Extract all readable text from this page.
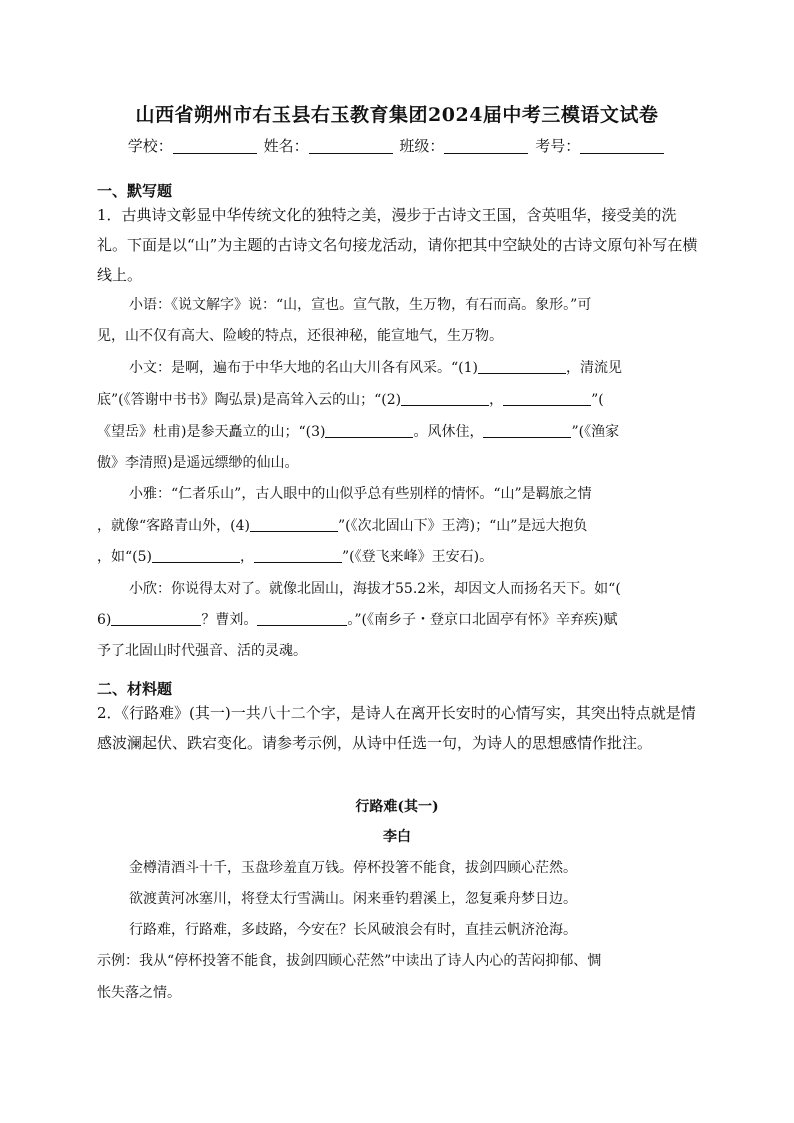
山西省朔州市右玉县右玉教育集团2024届中考三模语文试卷
学校：	姓名：	班级：	考号：
一、默写题

1．古典诗文彰显中华传统文化的独特之美，漫步于古诗文王国，含英咀华，接受美的洗礼。下面是以“山”为主题的古诗文名句接龙活动，请你把其中空缺处的古诗文原句补写在横线上。

小语：《说文解字》说：“山，宣也。宣气散，生万物，有石而高。象形。”可
见，山不仅有高大、险峻的特点，还很神秘，能宣地气，生万物。
小文：是啊，遍布于中华大地的名山大川各有风采。“(1)	，清流见
底”(《答谢中书书》陶弘景)是高耸入云的山；“(2)	，	”(
《望岳》杜甫)是参天矗立的山；“(3)	。风休住，	”(《渔家
傲》李清照)是遥远缥缈的仙山。
小雅：“仁者乐山”，古人眼中的山似乎总有些别样的情怀。“山”是羁旅之情
，就像“客路青山外，(4)	”(《次北固山下》王湾)；“山”是远大抱负
，如“(5)	，	”(《登飞来峰》王安石)。
小欣：你说得太对了。就像北固山，海拔才55.2米，却因文人而扬名天下。如“(
6)	？曹刘。	。”(《南乡子・登京口北固亭有怀》辛弃疾)赋
予了北固山时代强音、活的灵魂。
二、材料题

2．《行路难》(其一)一共八十二个字，是诗人在离开长安时的心情写实，其突出特点就是情感波澜起伏、跌宕变化。请参考示例，从诗中任选一句，为诗人的思想感情作批注。

行路难(其一)
李白
金樽清酒斗十千，玉盘珍羞直万钱。停杯投箸不能食，拔剑四顾心茫然。
欲渡黄河冰塞川，将登太行雪满山。闲来垂钓碧溪上，忽复乘舟梦日边。
行路难，行路难，多歧路，今安在？长风破浪会有时，直挂云帆济沧海。
示例：我从“停杯投箸不能食，拔剑四顾心茫然”中读出了诗人内心的苦闷抑郁、惆
怅失落之情。
